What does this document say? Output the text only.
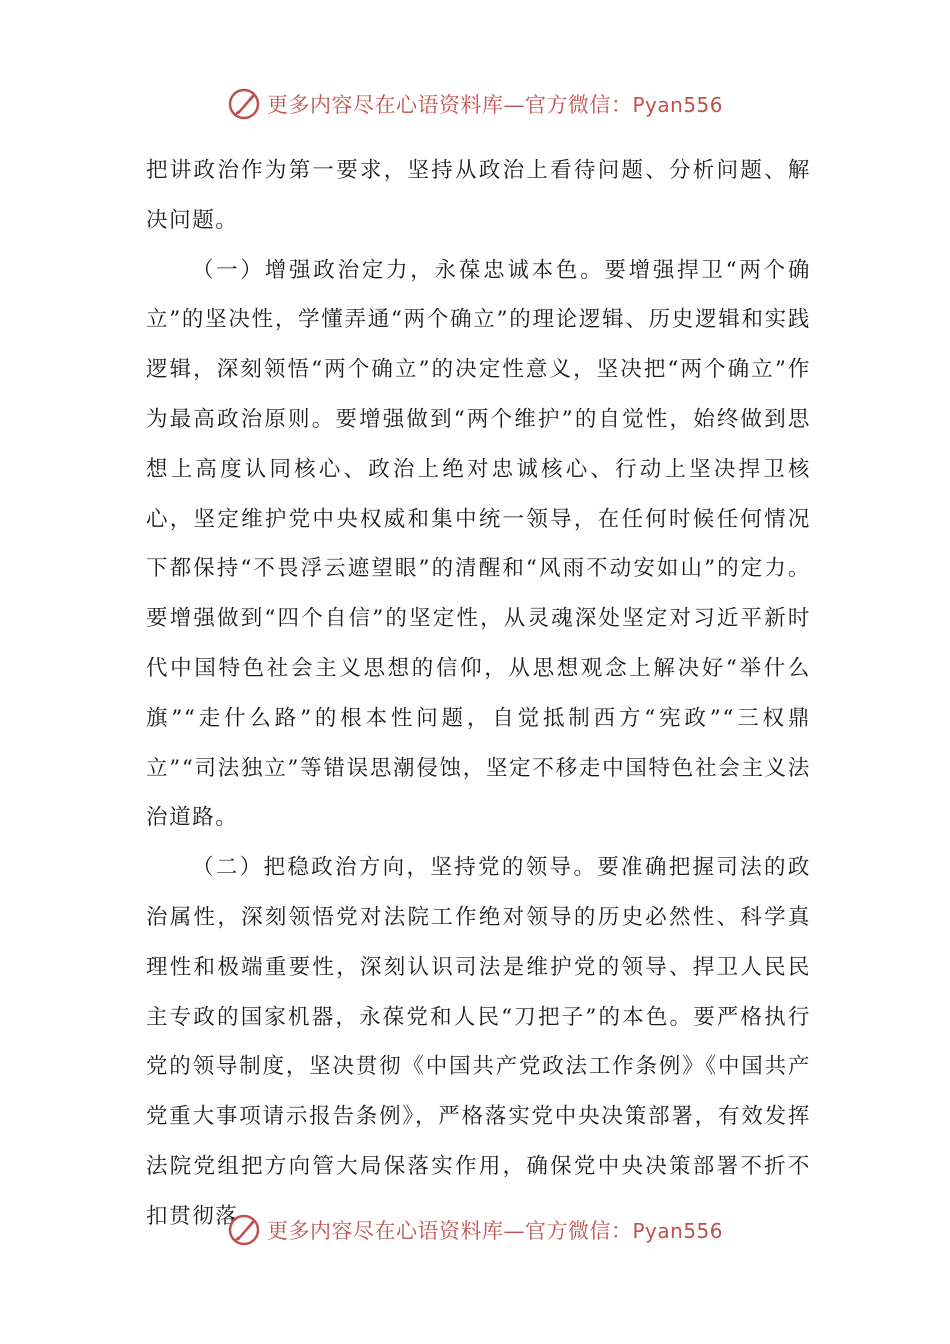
更多内容尽在心语资料库—官方微信：Pyan556

把讲政治作为第一要求，坚持从政治上看待问题、分析问题、解决问题。

（一）增强政治定力，永葆忠诚本色。要增强捍卫“两个确立”的坚决性，学懂弄通“两个确立”的理论逻辑、历史逻辑和实践逻辑，深刻领悟“两个确立”的决定性意义，坚决把“两个确立”作为最高政治原则。要增强做到“两个维护”的自觉性，始终做到思想上高度认同核心、政治上绝对忠诚核心、行动上坚决捍卫核心，坚定维护党中央权威和集中统一领导，在任何时候任何情况下都保持“不畏浮云遮望眼”的清醒和“风雨不动安如山”的定力。要增强做到“四个自信”的坚定性，从灵魂深处坚定对习近平新时代中国特色社会主义思想的信仰，从思想观念上解决好“举什么旗”“走什么路”的根本性问题，自觉抵制西方“宪政”“三权鼎立”“司法独立”等错误思潮侵蚀，坚定不移走中国特色社会主义法治道路。

（二）把稳政治方向，坚持党的领导。要准确把握司法的政治属性，深刻领悟党对法院工作绝对领导的历史必然性、科学真理性和极端重要性，深刻认识司法是维护党的领导、捍卫人民民主专政的国家机器，永葆党和人民“刀把子”的本色。要严格执行党的领导制度，坚决贯彻《中国共产党政法工作条例》《中国共产党重大事项请示报告条例》，严格落实党中央决策部署，有效发挥法院党组把方向管大局保落实作用，确保党中央决策部署不折不扣贯彻落

更多内容尽在心语资料库—官方微信：Pyan556
